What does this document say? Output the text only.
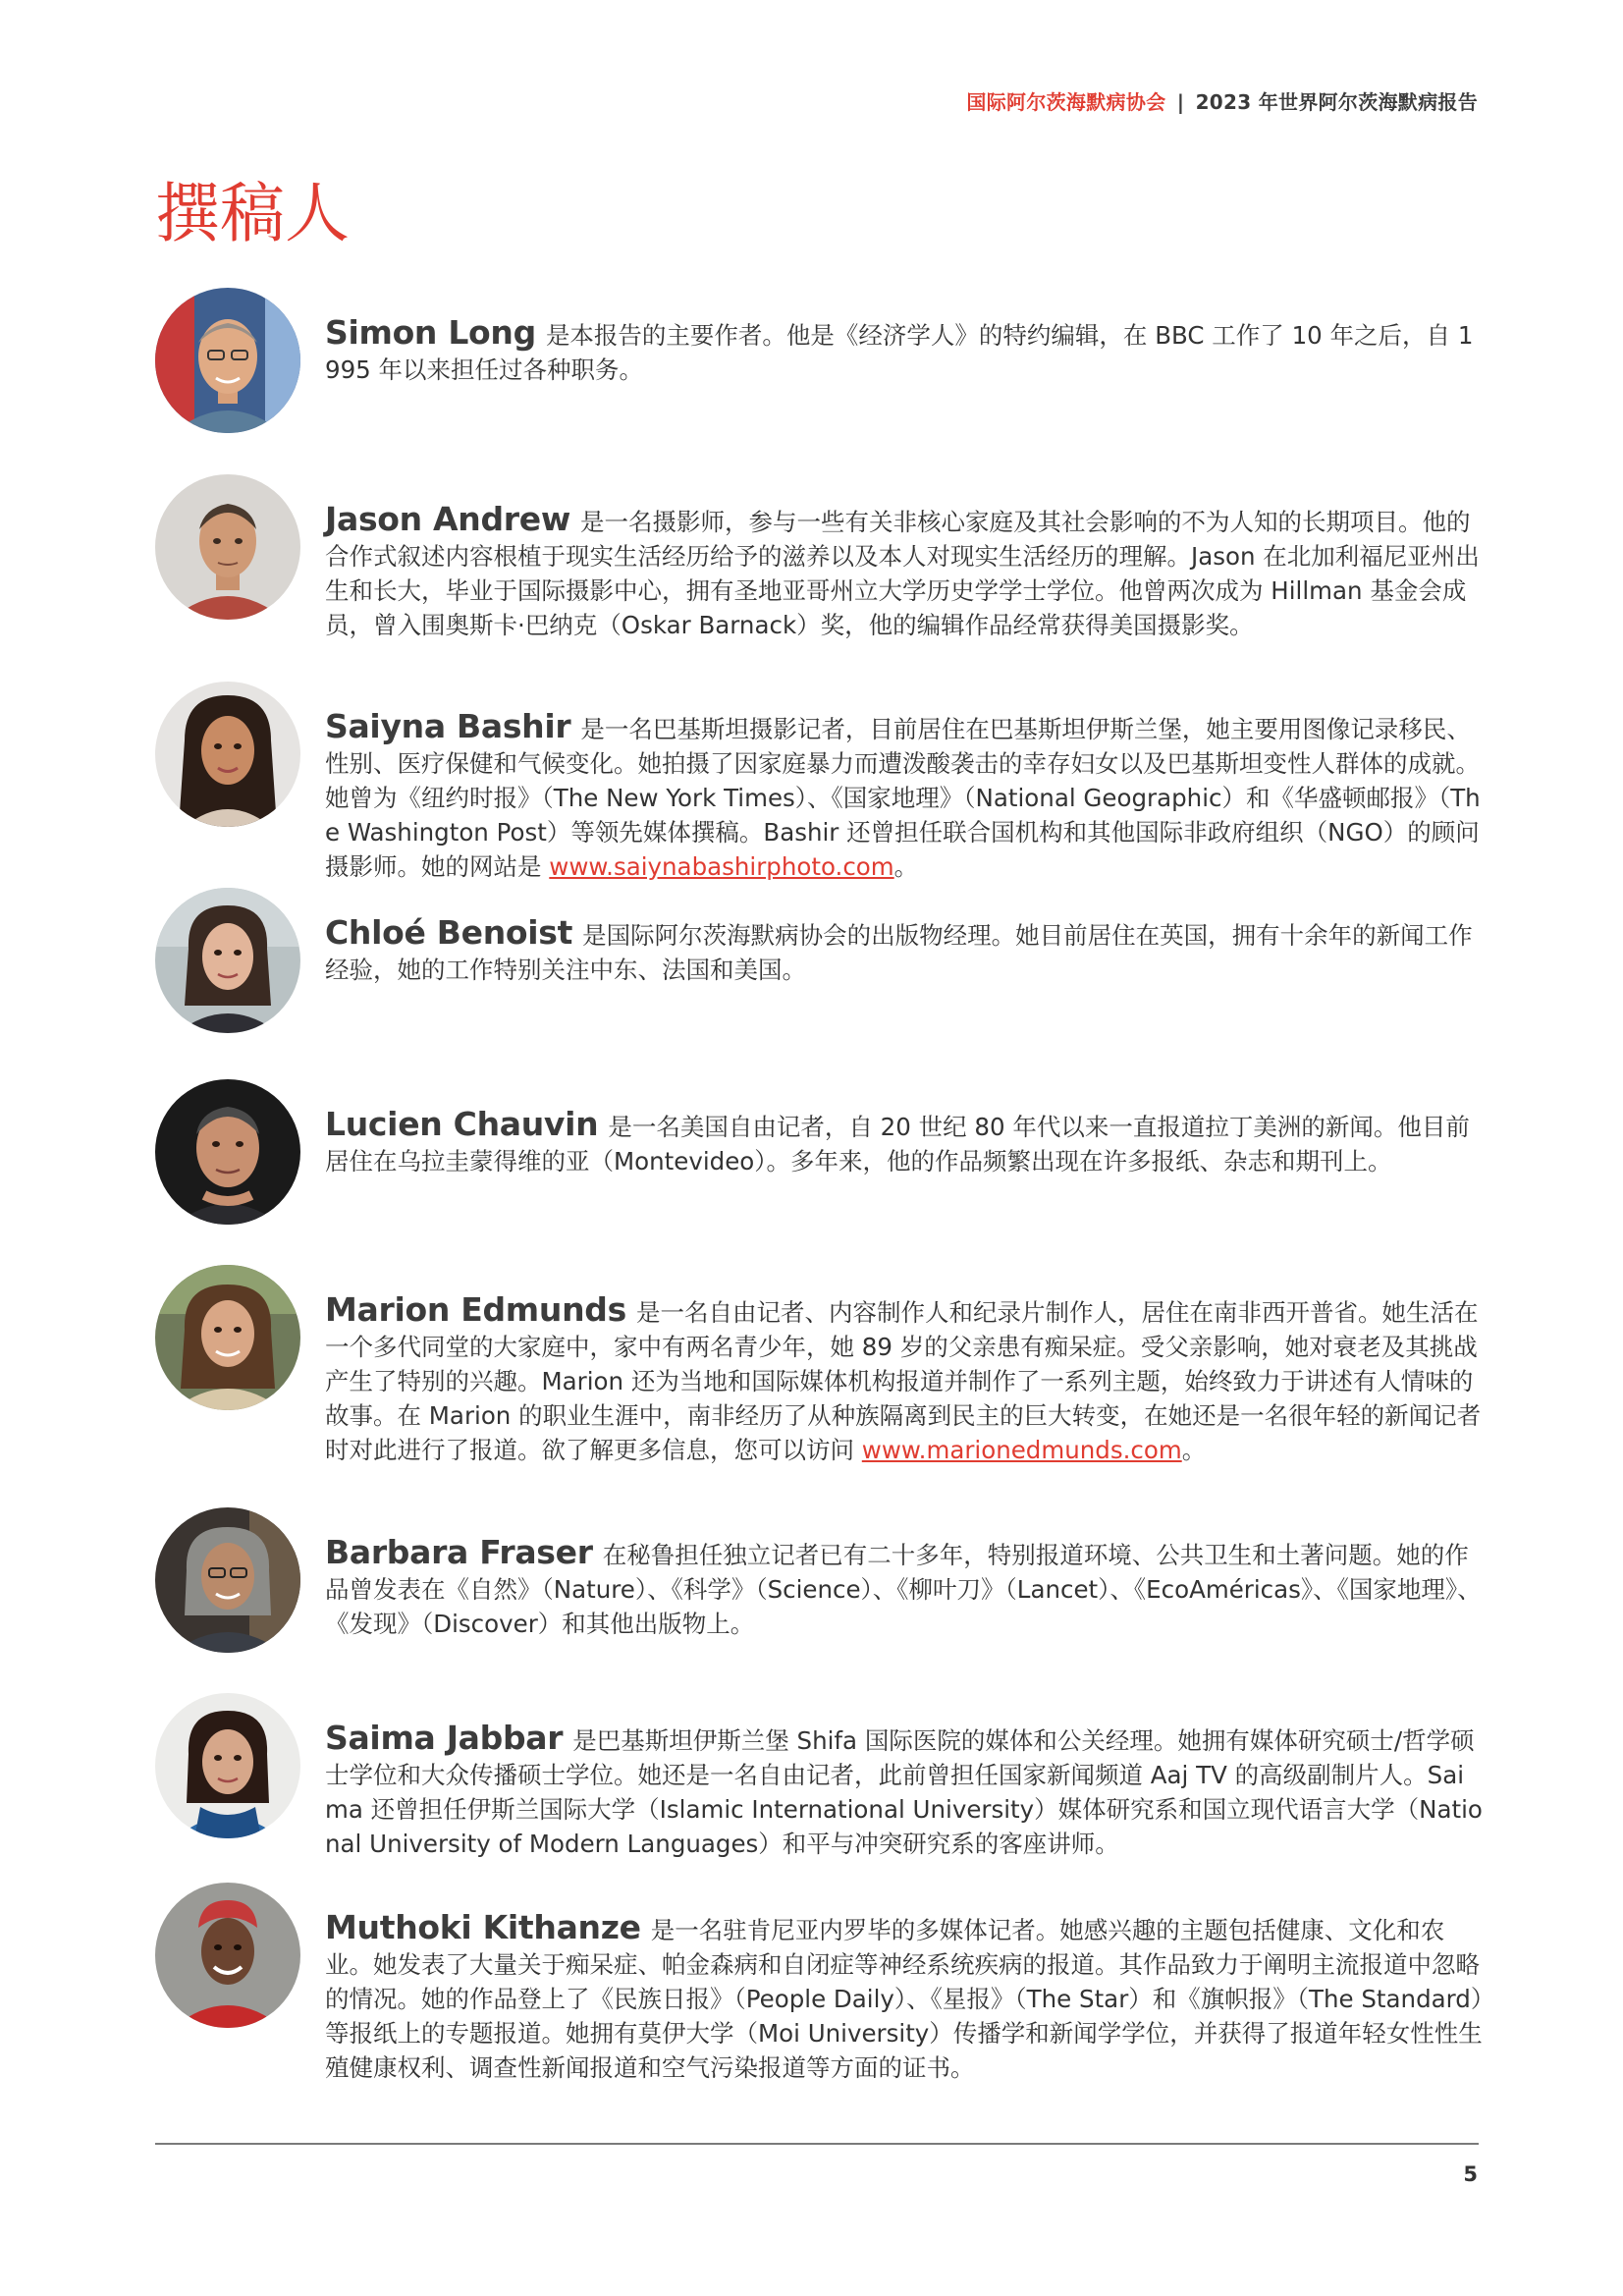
国际阿尔茨海默病协会 | 2023 年世界阿尔茨海默病报告
撰稿人
Simon Long 是本报告的主要作者。他是《经济学人》的特约编辑，在 BBC 工作了 10 年之后，自 1995 年以来担任过各种职务。
Jason Andrew 是一名摄影师，参与一些有关非核心家庭及其社会影响的不为人知的长期项目。他的合作式叙述内容根植于现实生活经历给予的滋养以及本人对现实生活经历的理解。Jason 在北加利福尼亚州出生和长大，毕业于国际摄影中心，拥有圣地亚哥州立大学历史学学士学位。他曾两次成为 Hillman 基金会成员，曾入围奥斯卡·巴纳克（Oskar Barnack）奖，他的编辑作品经常获得美国摄影奖。
Saiyna Bashir 是一名巴基斯坦摄影记者，目前居住在巴基斯坦伊斯兰堡，她主要用图像记录移民、性别、医疗保健和气候变化。她拍摄了因家庭暴力而遭泼酸袭击的幸存妇女以及巴基斯坦变性人群体的成就。她曾为《纽约时报》（The New York Times）、《国家地理》（National Geographic）和《华盛顿邮报》（The Washington Post）等领先媒体撰稿。Bashir 还曾担任联合国机构和其他国际非政府组织（NGO）的顾问摄影师。她的网站是 www.saiynabashirphoto.com。
Chloé Benoist 是国际阿尔茨海默病协会的出版物经理。她目前居住在英国，拥有十余年的新闻工作经验，她的工作特别关注中东、法国和美国。
Lucien Chauvin 是一名美国自由记者，自 20 世纪 80 年代以来一直报道拉丁美洲的新闻。他目前居住在乌拉圭蒙得维的亚（Montevideo）。多年来，他的作品频繁出现在许多报纸、杂志和期刊上。
Marion Edmunds 是一名自由记者、内容制作人和纪录片制作人，居住在南非西开普省。她生活在一个多代同堂的大家庭中，家中有两名青少年，她 89 岁的父亲患有痴呆症。受父亲影响，她对衰老及其挑战产生了特别的兴趣。Marion 还为当地和国际媒体机构报道并制作了一系列主题，始终致力于讲述有人情味的故事。在 Marion 的职业生涯中，南非经历了从种族隔离到民主的巨大转变，在她还是一名很年轻的新闻记者时对此进行了报道。欲了解更多信息，您可以访问 www.marionedmunds.com。
Barbara Fraser 在秘鲁担任独立记者已有二十多年，特别报道环境、公共卫生和土著问题。她的作品曾发表在《自然》（Nature）、《科学》（Science）、《柳叶刀》（Lancet）、《EcoAméricas》、《国家地理》、《发现》（Discover）和其他出版物上。
Saima Jabbar 是巴基斯坦伊斯兰堡 Shifa 国际医院的媒体和公关经理。她拥有媒体研究硕士/哲学硕士学位和大众传播硕士学位。她还是一名自由记者，此前曾担任国家新闻频道 Aaj TV 的高级副制片人。Saima 还曾担任伊斯兰国际大学（Islamic International University）媒体研究系和国立现代语言大学（National University of Modern Languages）和平与冲突研究系的客座讲师。
Muthoki Kithanze 是一名驻肯尼亚内罗毕的多媒体记者。她感兴趣的主题包括健康、文化和农业。她发表了大量关于痴呆症、帕金森病和自闭症等神经系统疾病的报道。其作品致力于阐明主流报道中忽略的情况。她的作品登上了《民族日报》（People Daily）、《星报》（The Star）和《旗帜报》（The Standard）等报纸上的专题报道。她拥有莫伊大学（Moi University）传播学和新闻学学位，并获得了报道年轻女性性生殖健康权利、调查性新闻报道和空气污染报道等方面的证书。
5
